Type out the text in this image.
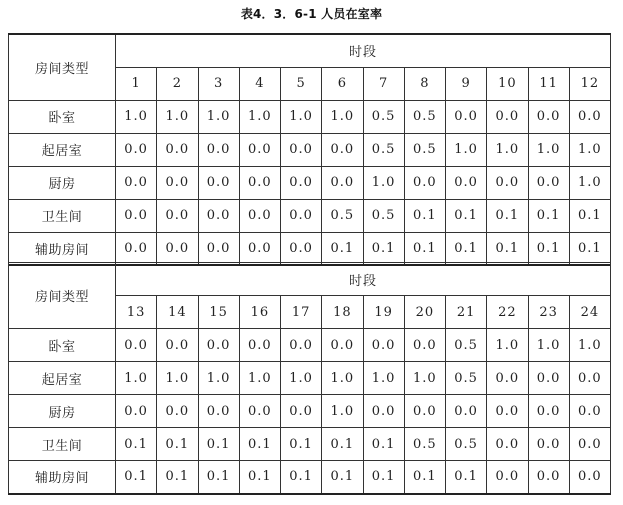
表4．3．6-1 人员在室率
房间类型	时段											
	1	2	3	4	5	6	7	8	9	10	11	12
卧室	1.0	1.0	1.0	1.0	1.0	1.0	0.5	0.5	0.0	0.0	0.0	0.0
起居室	0.0	0.0	0.0	0.0	0.0	0.0	0.5	0.5	1.0	1.0	1.0	1.0
厨房	0.0	0.0	0.0	0.0	0.0	0.0	1.0	0.0	0.0	0.0	0.0	1.0
卫生间	0.0	0.0	0.0	0.0	0.0	0.5	0.5	0.1	0.1	0.1	0.1	0.1
辅助房间	0.0	0.0	0.0	0.0	0.0	0.1	0.1	0.1	0.1	0.1	0.1	0.1
房间类型	时段											
	13	14	15	16	17	18	19	20	21	22	23	24
卧室	0.0	0.0	0.0	0.0	0.0	0.0	0.0	0.0	0.5	1.0	1.0	1.0
起居室	1.0	1.0	1.0	1.0	1.0	1.0	1.0	1.0	0.5	0.0	0.0	0.0
厨房	0.0	0.0	0.0	0.0	0.0	1.0	0.0	0.0	0.0	0.0	0.0	0.0
卫生间	0.1	0.1	0.1	0.1	0.1	0.1	0.1	0.5	0.5	0.0	0.0	0.0
辅助房间	0.1	0.1	0.1	0.1	0.1	0.1	0.1	0.1	0.1	0.0	0.0	0.0
